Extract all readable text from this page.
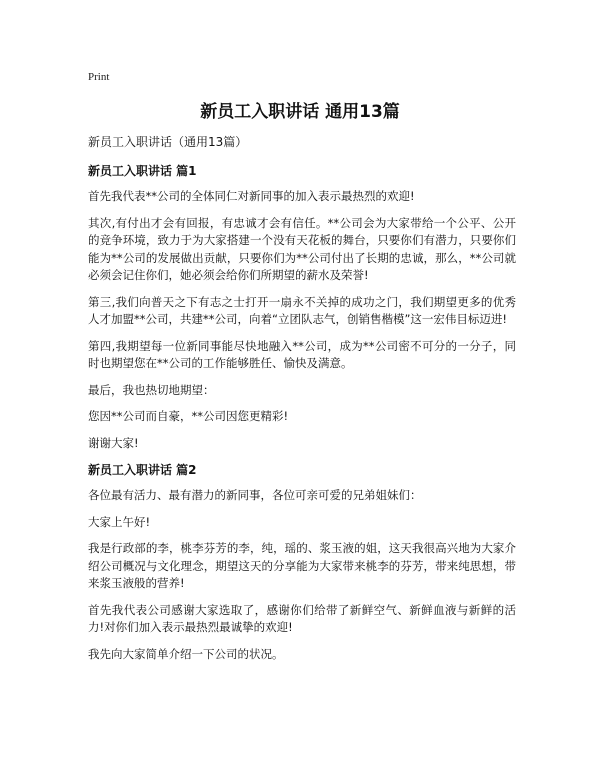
Print
新员工入职讲话 通用13篇
新员工入职讲话（通用13篇）
新员工入职讲话 篇1

首先我代表**公司的全体同仁对新同事的加入表示最热烈的欢迎!

其次,有付出才会有回报，有忠诚才会有信任。**公司会为大家带给一个公平、公开的竞争环境，致力于为大家搭建一个没有天花板的舞台，只要你们有潜力，只要你们能为**公司的发展做出贡献，只要你们为**公司付出了长期的忠诚，那么，**公司就必须会记住你们，她必须会给你们所期望的薪水及荣誉!

第三,我们向普天之下有志之士打开一扇永不关掉的成功之门，我们期望更多的优秀人才加盟**公司，共建**公司，向着“立团队志气，创销售楷模”这一宏伟目标迈进!

第四,我期望每一位新同事能尽快地融入**公司，成为**公司密不可分的一分子，同时也期望您在**公司的工作能够胜任、愉快及满意。

最后，我也热切地期望：

您因**公司而自豪，**公司因您更精彩!

谢谢大家!

新员工入职讲话 篇2

各位最有活力、最有潜力的新同事，各位可亲可爱的兄弟姐妹们：

大家上午好!

我是行政部的李，桃李芬芳的李，纯，瑶的、浆玉液的姐，这天我很高兴地为大家介绍公司概况与文化理念，期望这天的分享能为大家带来桃李的芬芳，带来纯思想，带来浆玉液般的营养!

首先我代表公司感谢大家选取了，感谢你们给带了新鲜空气、新鲜血液与新鲜的活力!对你们加入表示最热烈最诚挚的欢迎!

我先向大家简单介绍一下公司的状况。
